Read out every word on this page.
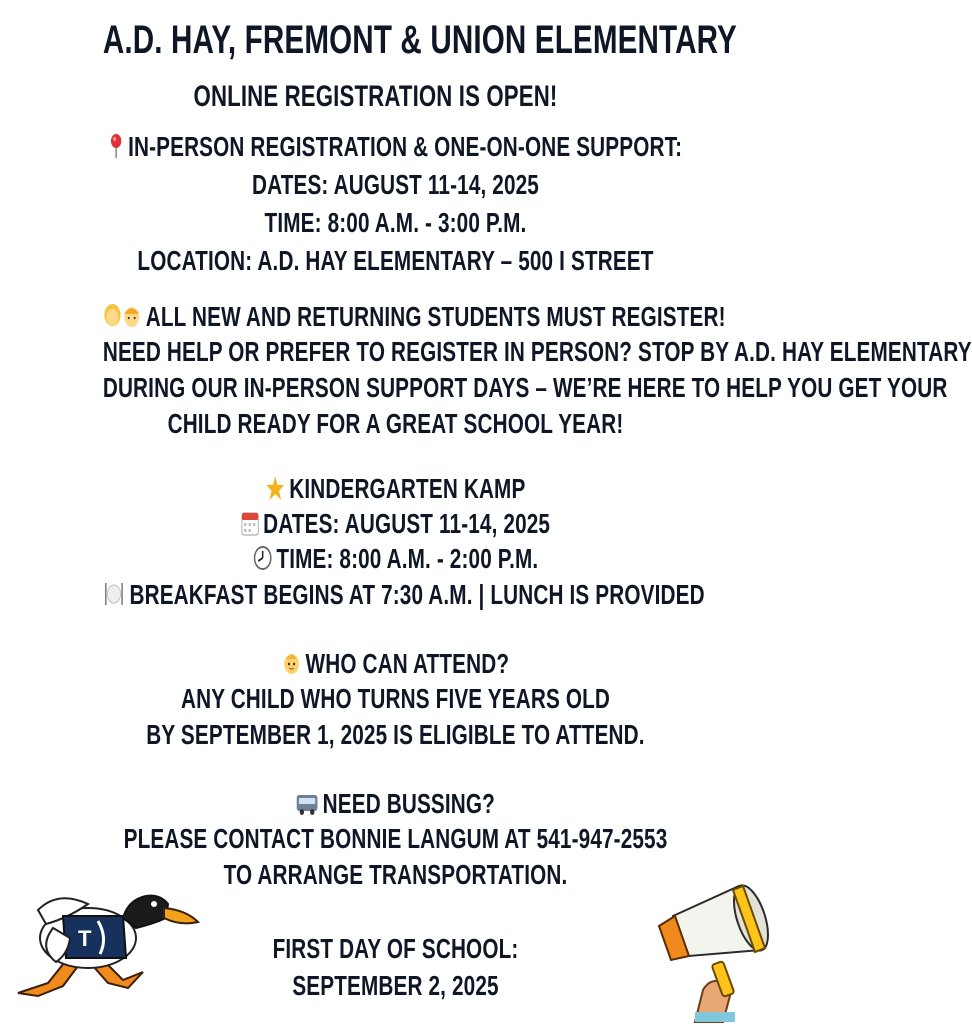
A.D. HAY, FREMONT & UNION ELEMENTARY
ONLINE REGISTRATION IS OPEN!
IN-PERSON REGISTRATION & ONE-ON-ONE SUPPORT:
DATES: AUGUST 11-14, 2025
TIME: 8:00 A.M. - 3:00 P.M.
LOCATION: A.D. HAY ELEMENTARY – 500 I STREET
ALL NEW AND RETURNING STUDENTS MUST REGISTER!
NEED HELP OR PREFER TO REGISTER IN PERSON? STOP BY A.D. HAY ELEMENTARY
DURING OUR IN-PERSON SUPPORT DAYS – WE’RE HERE TO HELP YOU GET YOUR
CHILD READY FOR A GREAT SCHOOL YEAR!
KINDERGARTEN KAMP
DATES: AUGUST 11-14, 2025
TIME: 8:00 A.M. - 2:00 P.M.
BREAKFAST BEGINS AT 7:30 A.M. | LUNCH IS PROVIDED
WHO CAN ATTEND?
ANY CHILD WHO TURNS FIVE YEARS OLD
BY SEPTEMBER 1, 2025 IS ELIGIBLE TO ATTEND.
NEED BUSSING?
PLEASE CONTACT BONNIE LANGUM AT 541-947-2553
TO ARRANGE TRANSPORTATION.
FIRST DAY OF SCHOOL:
SEPTEMBER 2, 2025
T
